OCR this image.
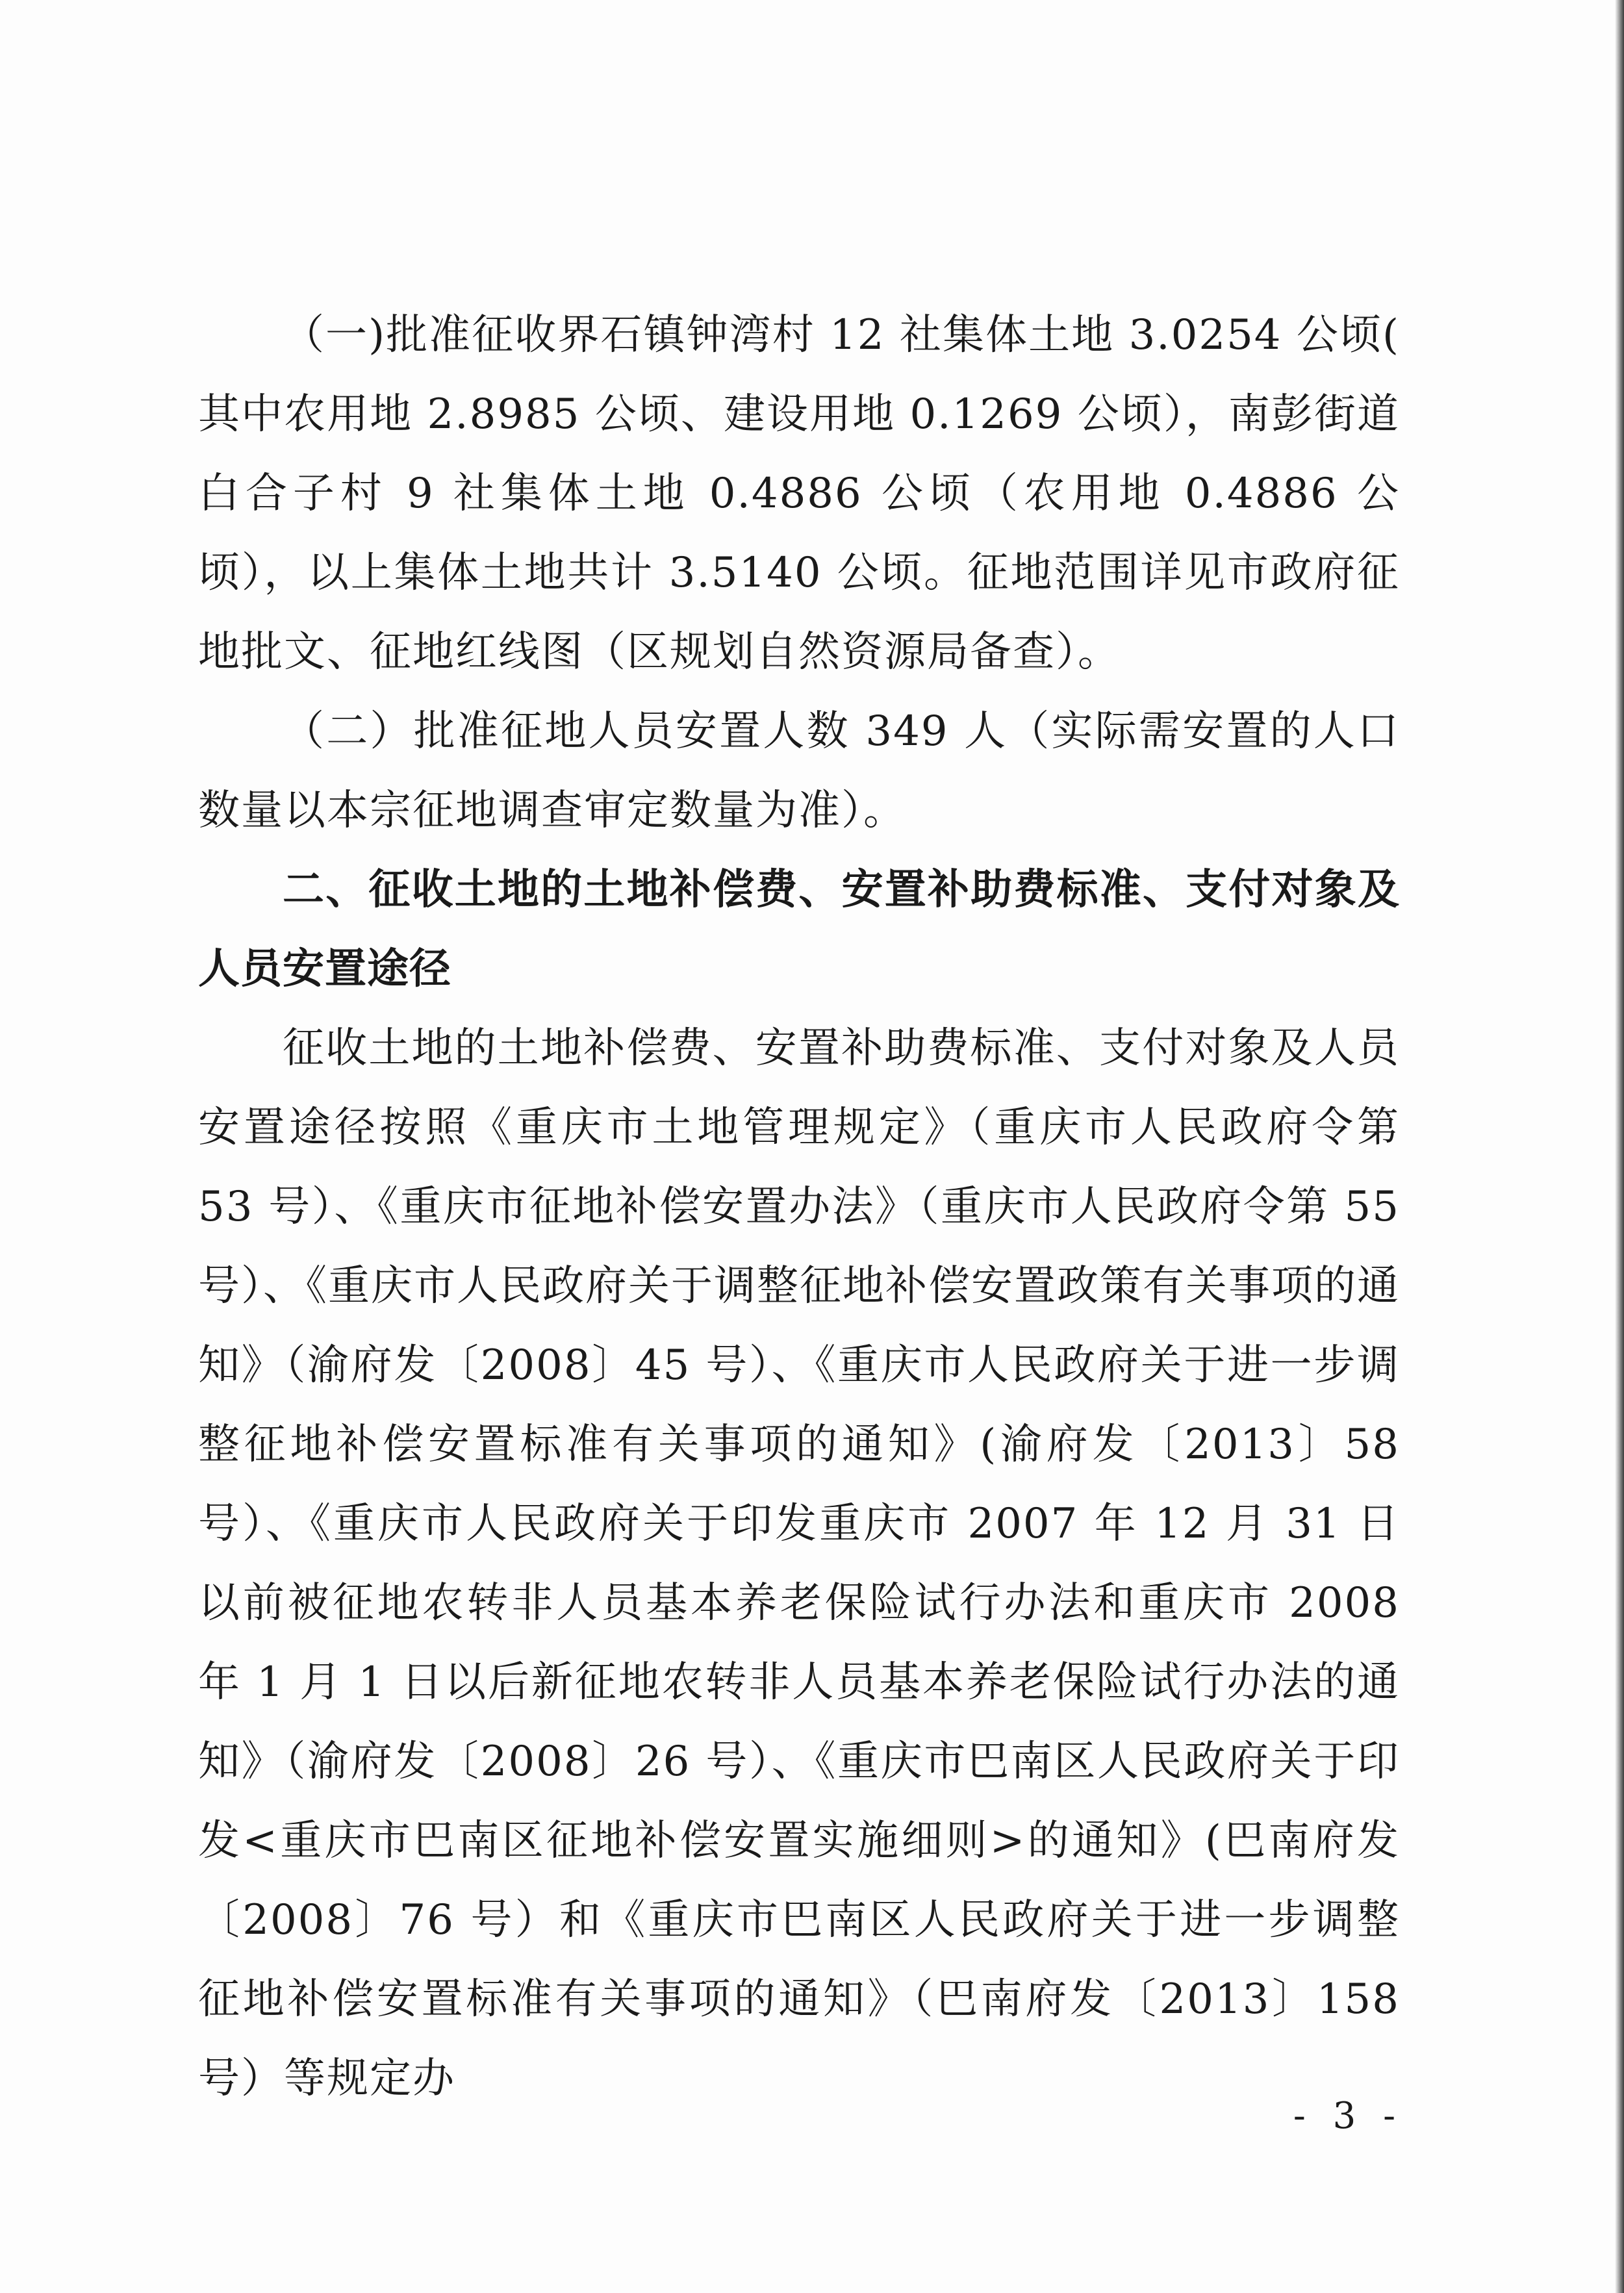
（一)批准征收界石镇钟湾村 12 社集体土地 3.0254 公顷( 其中农用地 2.8985 公顷、建设用地 0.1269 公顷），南彭街道白合子村 9 社集体土地 0.4886 公顷（农用地 0.4886 公顷），以上集体土地共计 3.5140 公顷。征地范围详见市政府征地批文、征地红线图（区规划自然资源局备查）。

（二）批准征地人员安置人数 349 人（实际需安置的人口数量以本宗征地调查审定数量为准）。

二、征收土地的土地补偿费、安置补助费标准、支付对象及人员安置途径

征收土地的土地补偿费、安置补助费标准、支付对象及人员安置途径按照《重庆市土地管理规定》（重庆市人民政府令第 53 号）、《重庆市征地补偿安置办法》（重庆市人民政府令第 55 号）、《重庆市人民政府关于调整征地补偿安置政策有关事项的通知》（渝府发〔2008〕45 号）、《重庆市人民政府关于进一步调整征地补偿安置标准有关事项的通知》(渝府发〔2013〕58 号）、《重庆市人民政府关于印发重庆市 2007 年 12 月 31 日以前被征地农转非人员基本养老保险试行办法和重庆市 2008 年 1 月 1 日以后新征地农转非人员基本养老保险试行办法的通知》（渝府发〔2008〕26 号）、《重庆市巴南区人民政府关于印发<重庆市巴南区征地补偿安置实施细则>的通知》(巴南府发〔2008〕76 号）和《重庆市巴南区人民政府关于进一步调整征地补偿安置标准有关事项的通知》（巴南府发〔2013〕158 号）等规定办

- 3 -
